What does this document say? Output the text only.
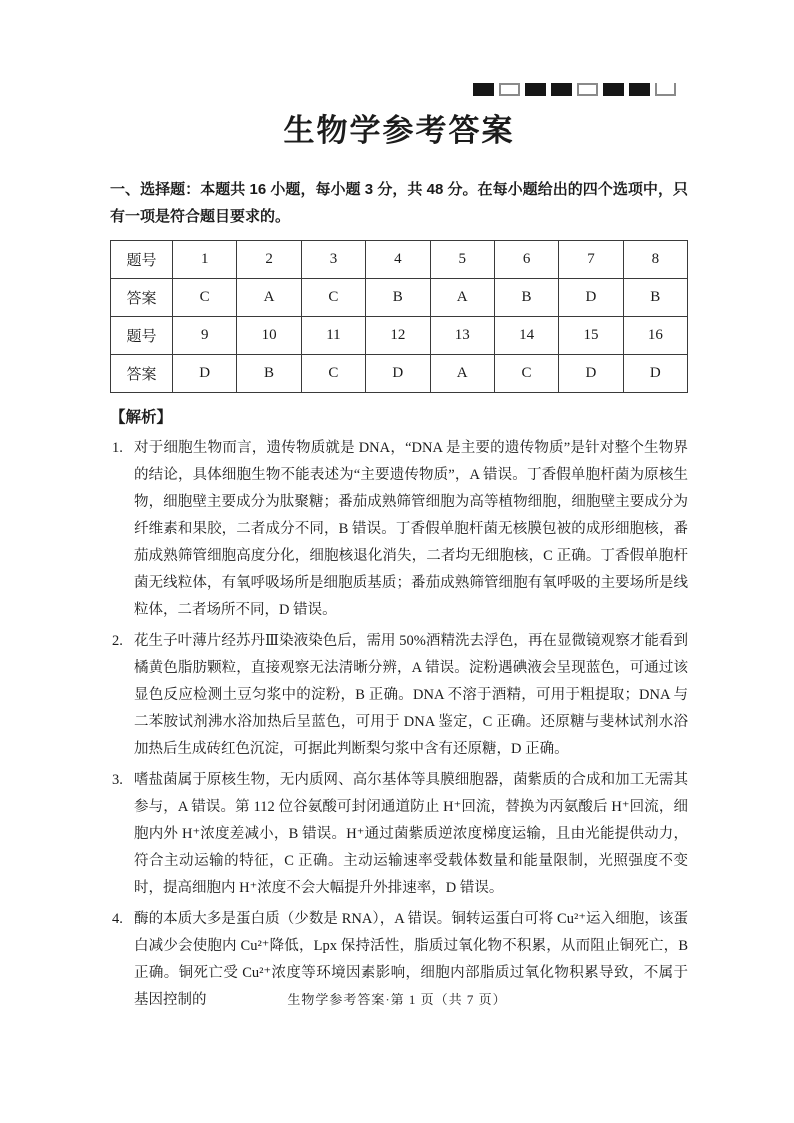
生物学参考答案

一、选择题：本题共 16 小题，每小题 3 分，共 48 分。在每小题给出的四个选项中，只有一项是符合题目要求的。

题号	1	2	3	4	5	6	7	8
答案	C	A	C	B	A	B	D	B
题号	9	10	11	12	13	14	15	16
答案	D	B	C	D	A	C	D	D
【解析】
1. 对于细胞生物而言，遗传物质就是 DNA，“DNA 是主要的遗传物质”是针对整个生物界的结论，具体细胞生物不能表述为“主要遗传物质”，A 错误。丁香假单胞杆菌为原核生物，细胞壁主要成分为肽聚糖；番茄成熟筛管细胞为高等植物细胞，细胞壁主要成分为纤维素和果胶，二者成分不同，B 错误。丁香假单胞杆菌无核膜包被的成形细胞核，番茄成熟筛管细胞高度分化，细胞核退化消失，二者均无细胞核，C 正确。丁香假单胞杆菌无线粒体，有氧呼吸场所是细胞质基质；番茄成熟筛管细胞有氧呼吸的主要场所是线粒体，二者场所不同，D 错误。
2. 花生子叶薄片经苏丹Ⅲ染液染色后，需用 50%酒精洗去浮色，再在显微镜观察才能看到橘黄色脂肪颗粒，直接观察无法清晰分辨，A 错误。淀粉遇碘液会呈现蓝色，可通过该显色反应检测土豆匀浆中的淀粉，B 正确。DNA 不溶于酒精，可用于粗提取；DNA 与二苯胺试剂沸水浴加热后呈蓝色，可用于 DNA 鉴定，C 正确。还原糖与斐林试剂水浴加热后生成砖红色沉淀，可据此判断梨匀浆中含有还原糖，D 正确。
3. 嗜盐菌属于原核生物，无内质网、高尔基体等具膜细胞器，菌紫质的合成和加工无需其参与，A 错误。第 112 位谷氨酸可封闭通道防止 H⁺回流，替换为丙氨酸后 H⁺回流，细胞内外 H⁺浓度差减小，B 错误。H⁺通过菌紫质逆浓度梯度运输，且由光能提供动力，符合主动运输的特征，C 正确。主动运输速率受载体数量和能量限制，光照强度不变时，提高细胞内 H⁺浓度不会大幅提升外排速率，D 错误。
4. 酶的本质大多是蛋白质（少数是 RNA），A 错误。铜转运蛋白可将 Cu²⁺运入细胞，该蛋白减少会使胞内 Cu²⁺降低，Lpx 保持活性，脂质过氧化物不积累，从而阻止铜死亡，B 正确。铜死亡受 Cu²⁺浓度等环境因素影响，细胞内部脂质过氧化物积累导致，不属于基因控制的	生物学参考答案·第 1 页（共 7 页）
